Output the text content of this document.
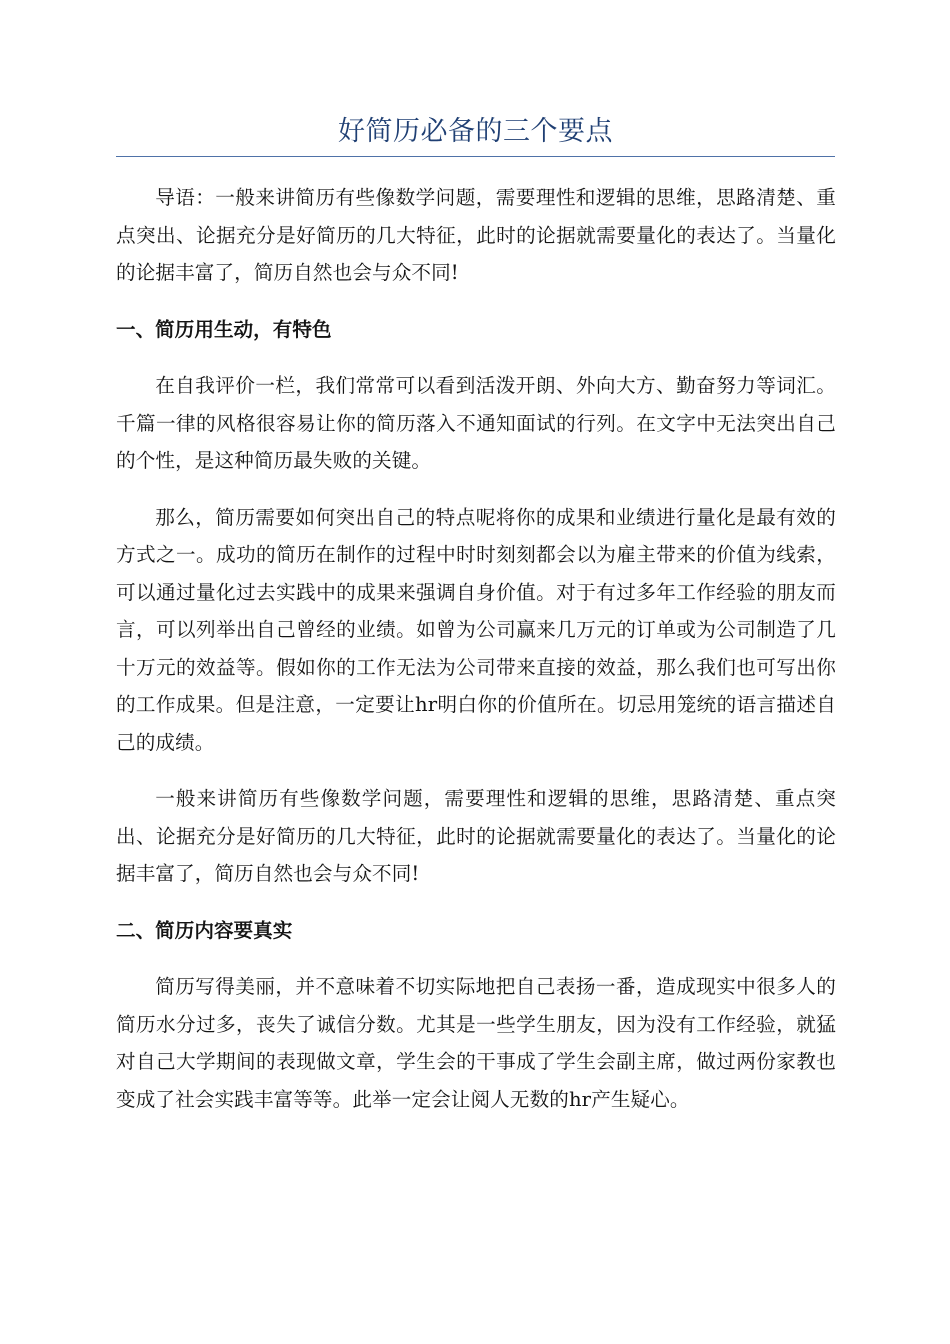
好简历必备的三个要点

导语：一般来讲简历有些像数学问题，需要理性和逻辑的思维，思路清楚、重点突出、论据充分是好简历的几大特征，此时的论据就需要量化的表达了。当量化的论据丰富了，简历自然也会与众不同!

一、简历用生动，有特色

在自我评价一栏，我们常常可以看到活泼开朗、外向大方、勤奋努力等词汇。千篇一律的风格很容易让你的简历落入不通知面试的行列。在文字中无法突出自己的个性，是这种简历最失败的关键。

那么，简历需要如何突出自己的特点呢将你的成果和业绩进行量化是最有效的方式之一。成功的简历在制作的过程中时时刻刻都会以为雇主带来的价值为线索，可以通过量化过去实践中的成果来强调自身价值。对于有过多年工作经验的朋友而言，可以列举出自己曾经的业绩。如曾为公司赢来几万元的订单或为公司制造了几十万元的效益等。假如你的工作无法为公司带来直接的效益，那么我们也可写出你的工作成果。但是注意，一定要让hr明白你的价值所在。切忌用笼统的语言描述自己的成绩。

一般来讲简历有些像数学问题，需要理性和逻辑的思维，思路清楚、重点突出、论据充分是好简历的几大特征，此时的论据就需要量化的表达了。当量化的论据丰富了，简历自然也会与众不同!

二、简历内容要真实

简历写得美丽，并不意味着不切实际地把自己表扬一番，造成现实中很多人的简历水分过多，丧失了诚信分数。尤其是一些学生朋友，因为没有工作经验，就猛对自己大学期间的表现做文章，学生会的干事成了学生会副主席，做过两份家教也变成了社会实践丰富等等。此举一定会让阅人无数的hr产生疑心。
